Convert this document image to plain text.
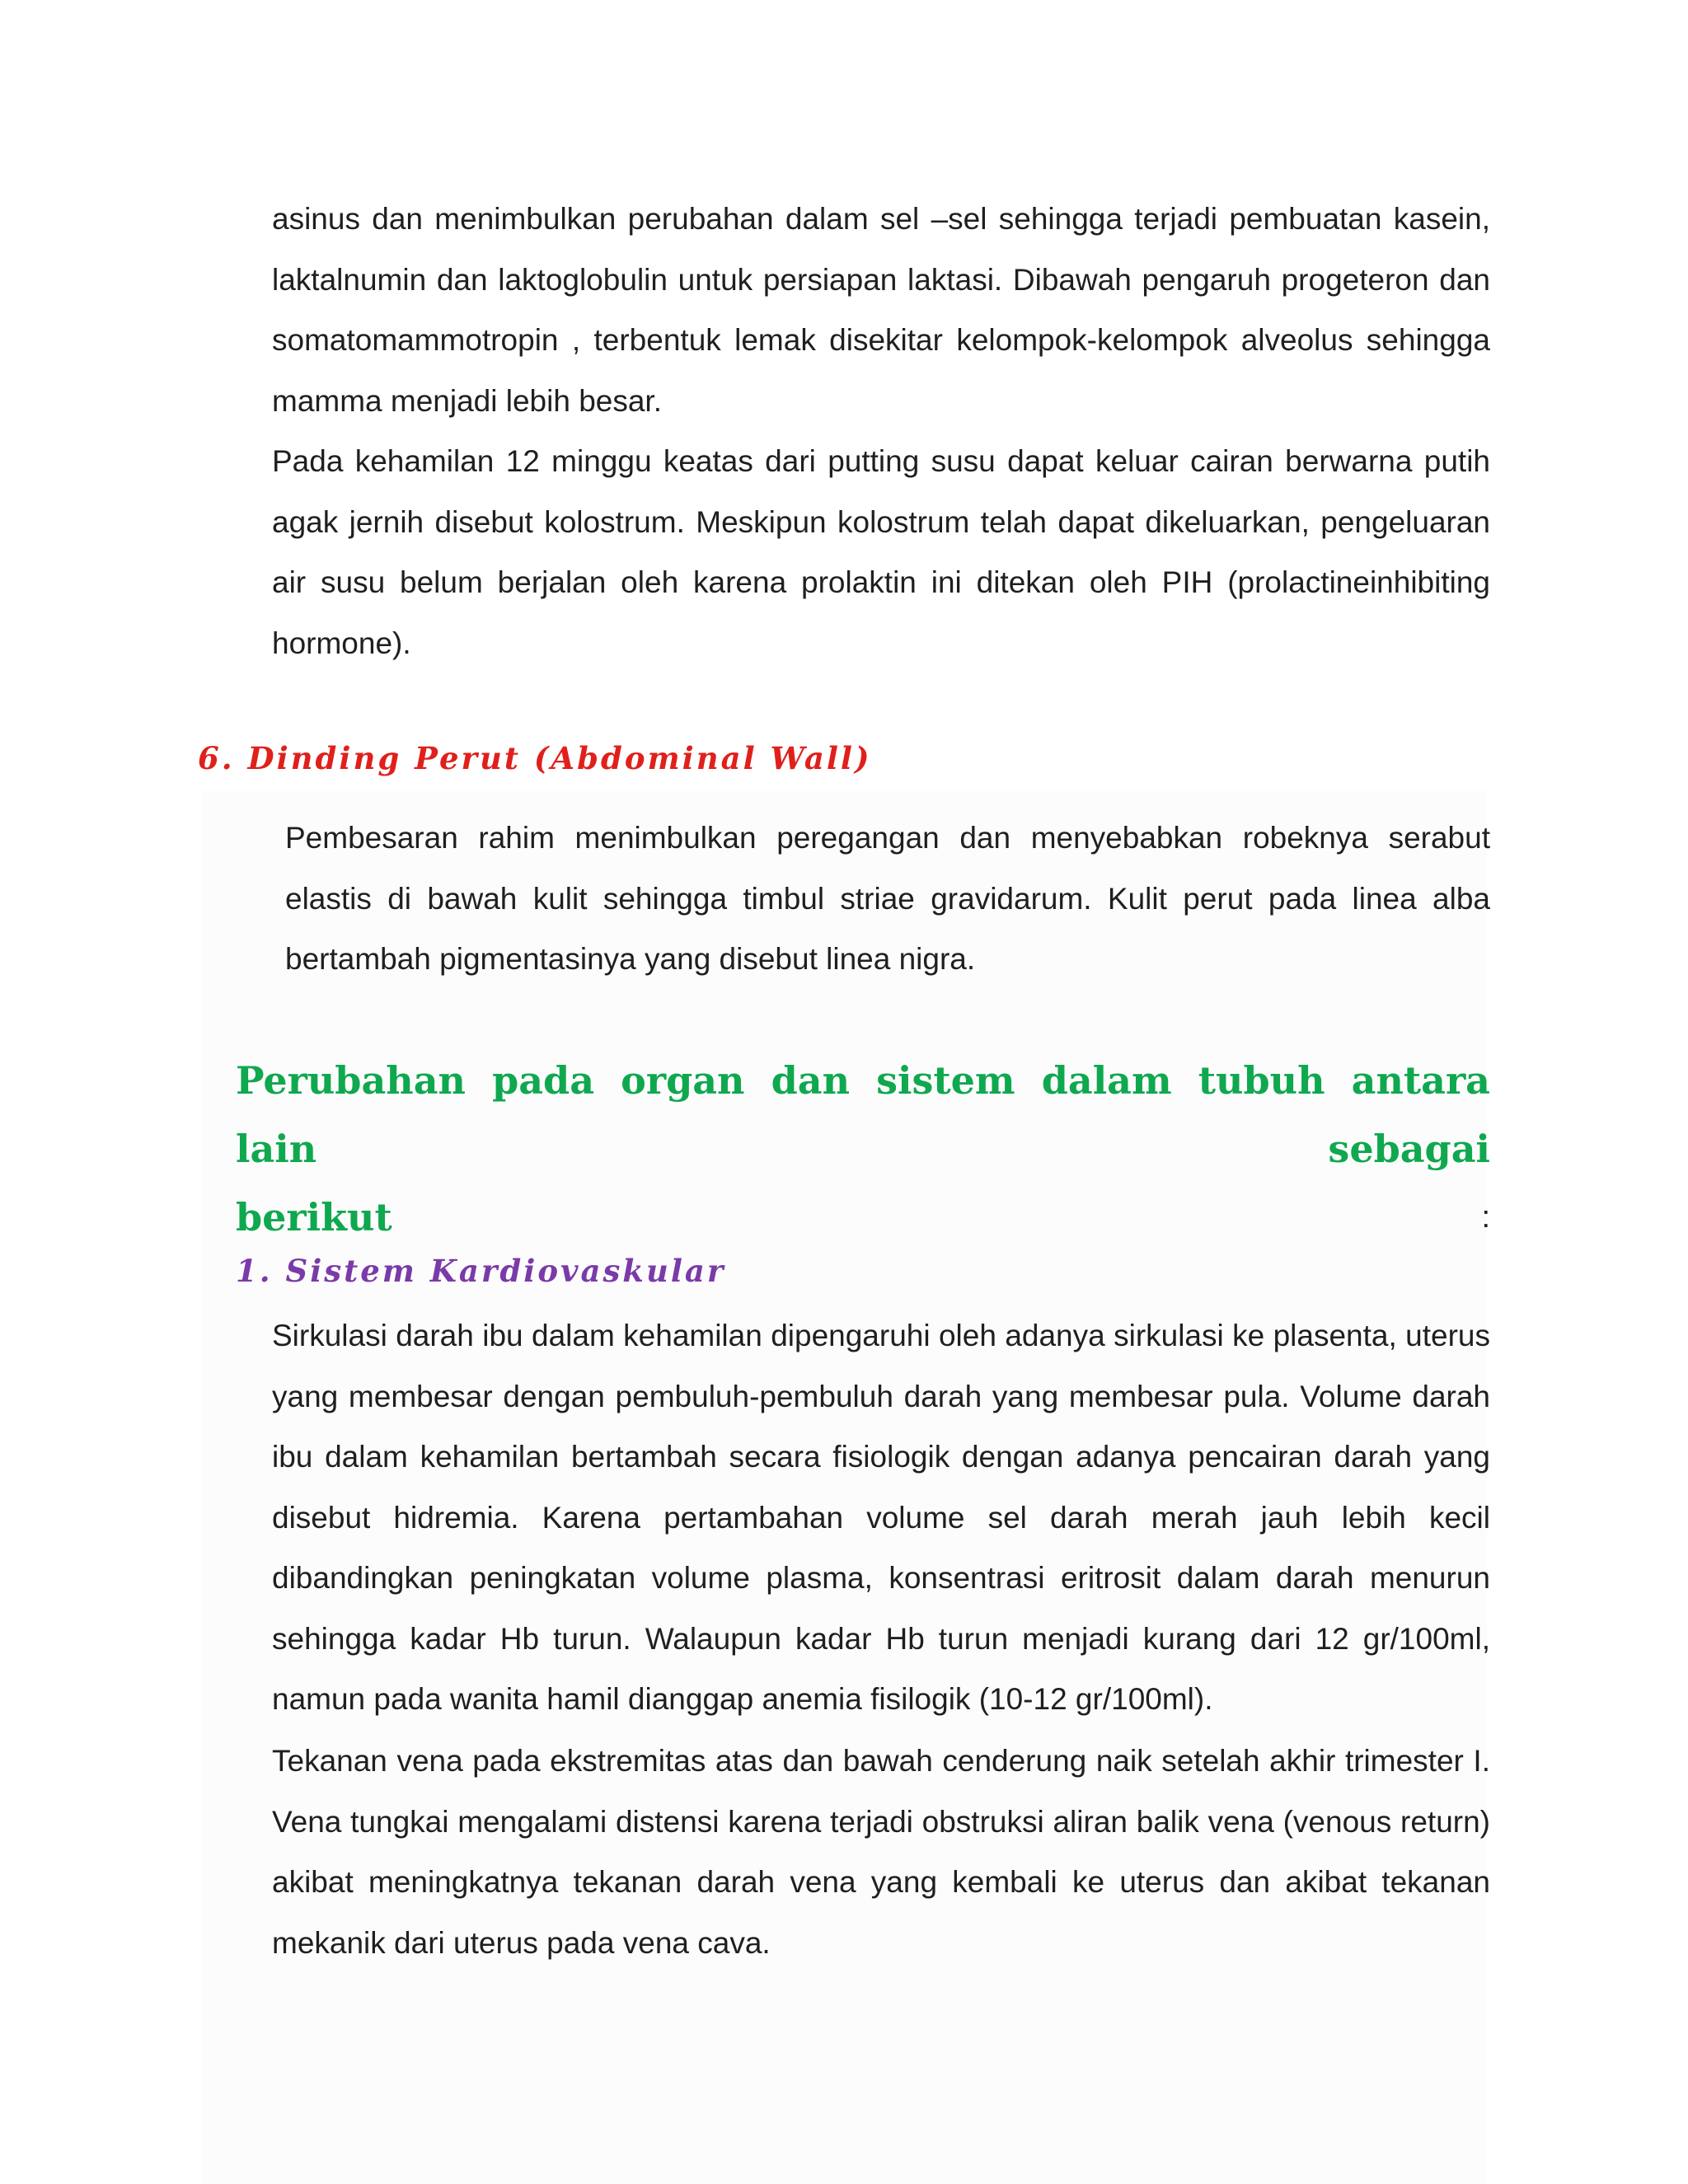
asinus dan menimbulkan perubahan dalam sel –sel sehingga terjadi pembuatan kasein, laktalnumin dan laktoglobulin untuk persiapan laktasi. Dibawah pengaruh progeteron dan somatomammotropin , terbentuk lemak disekitar kelompok-kelompok alveolus sehingga mamma menjadi lebih besar.

Pada kehamilan 12 minggu keatas dari putting susu dapat keluar cairan berwarna putih agak jernih disebut kolostrum. Meskipun kolostrum telah dapat dikeluarkan, pengeluaran air susu belum berjalan oleh karena prolaktin ini ditekan oleh PIH (prolactineinhibiting hormone).

6. Dinding Perut (Abdominal Wall)

Pembesaran rahim menimbulkan peregangan dan menyebabkan robeknya serabut elastis di bawah kulit sehingga timbul striae gravidarum. Kulit perut pada linea alba bertambah pigmentasinya yang disebut linea nigra.

Perubahan pada organ dan sistem dalam tubuh antara lain sebagai
berikut	:
1. Sistem Kardiovaskular

Sirkulasi darah ibu dalam kehamilan dipengaruhi oleh adanya sirkulasi ke plasenta, uterus yang membesar dengan pembuluh-pembuluh darah yang membesar pula. Volume darah ibu dalam kehamilan bertambah secara fisiologik dengan adanya pencairan darah yang disebut hidremia. Karena pertambahan volume sel darah merah jauh lebih kecil dibandingkan peningkatan volume plasma, konsentrasi eritrosit dalam darah menurun sehingga kadar Hb turun. Walaupun kadar Hb turun menjadi kurang dari 12 gr/100ml, namun pada wanita hamil dianggap anemia fisilogik (10-12 gr/100ml).

Tekanan vena pada ekstremitas atas dan bawah cenderung naik setelah akhir trimester I. Vena tungkai mengalami distensi karena terjadi obstruksi aliran balik vena (venous return) akibat meningkatnya tekanan darah vena yang kembali ke uterus dan akibat tekanan mekanik dari uterus pada vena cava.
